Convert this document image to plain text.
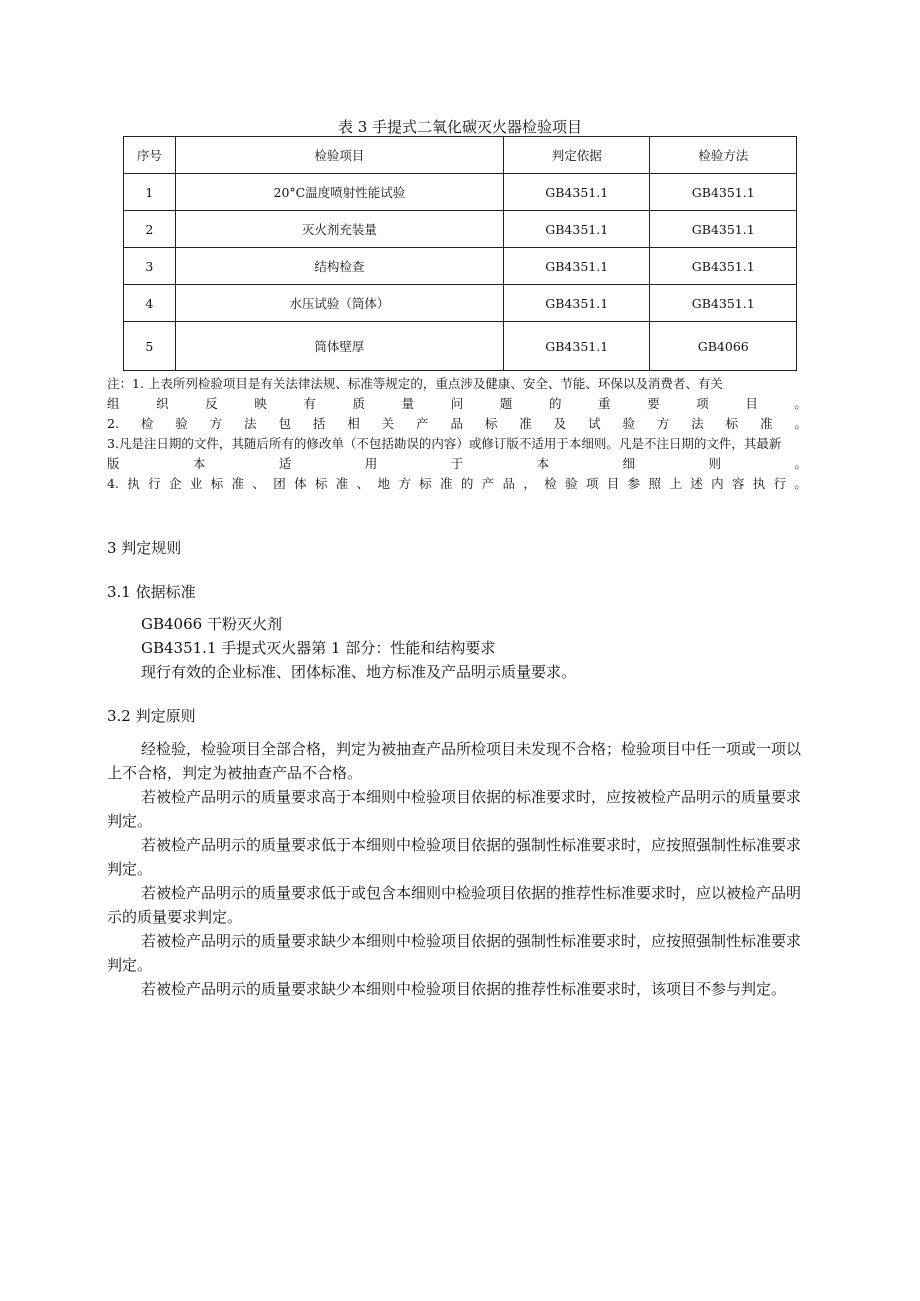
表 3 手提式二氧化碳灭火器检验项目
序号	检验项目	判定依据	检验方法
1	20°C温度喷射性能试验	GB4351.1	GB4351.1
2	灭火剂充装量	GB4351.1	GB4351.1
3	结构检查	GB4351.1	GB4351.1
4	水压试验（筒体）	GB4351.1	GB4351.1
5	筒体壁厚	GB4351.1	GB4066
注：1. 上表所列检验项目是有关法律法规、标准等规定的，重点涉及健康、安全、节能、环保以及消费者、有关
组织反映有质量问题的重要项目。
2.检验方法包括相关产品标准及试验方法标准。
3.凡是注日期的文件，其随后所有的修改单（不包括勘误的内容）或修订版不适用于本细则。凡是不注日期的文件，其最新
版本适用于本细则。
4.执行企业标准、团体标准、地方标准的产品，检验项目参照上述内容执行。
3 判定规则
3.1 依据标准
GB4066 干粉灭火剂
GB4351.1 手提式灭火器第 1 部分：性能和结构要求
现行有效的企业标准、团体标准、地方标准及产品明示质量要求。
3.2 判定原则
经检验，检验项目全部合格，判定为被抽查产品所检项目未发现不合格；检验项目中任一项或一项以上不合格，判定为被抽查产品不合格。
若被检产品明示的质量要求高于本细则中检验项目依据的标准要求时，应按被检产品明示的质量要求判定。
若被检产品明示的质量要求低于本细则中检验项目依据的强制性标准要求时，应按照强制性标准要求判定。
若被检产品明示的质量要求低于或包含本细则中检验项目依据的推荐性标准要求时，应以被检产品明示的质量要求判定。
若被检产品明示的质量要求缺少本细则中检验项目依据的强制性标准要求时，应按照强制性标准要求判定。
若被检产品明示的质量要求缺少本细则中检验项目依据的推荐性标准要求时，该项目不参与判定。
